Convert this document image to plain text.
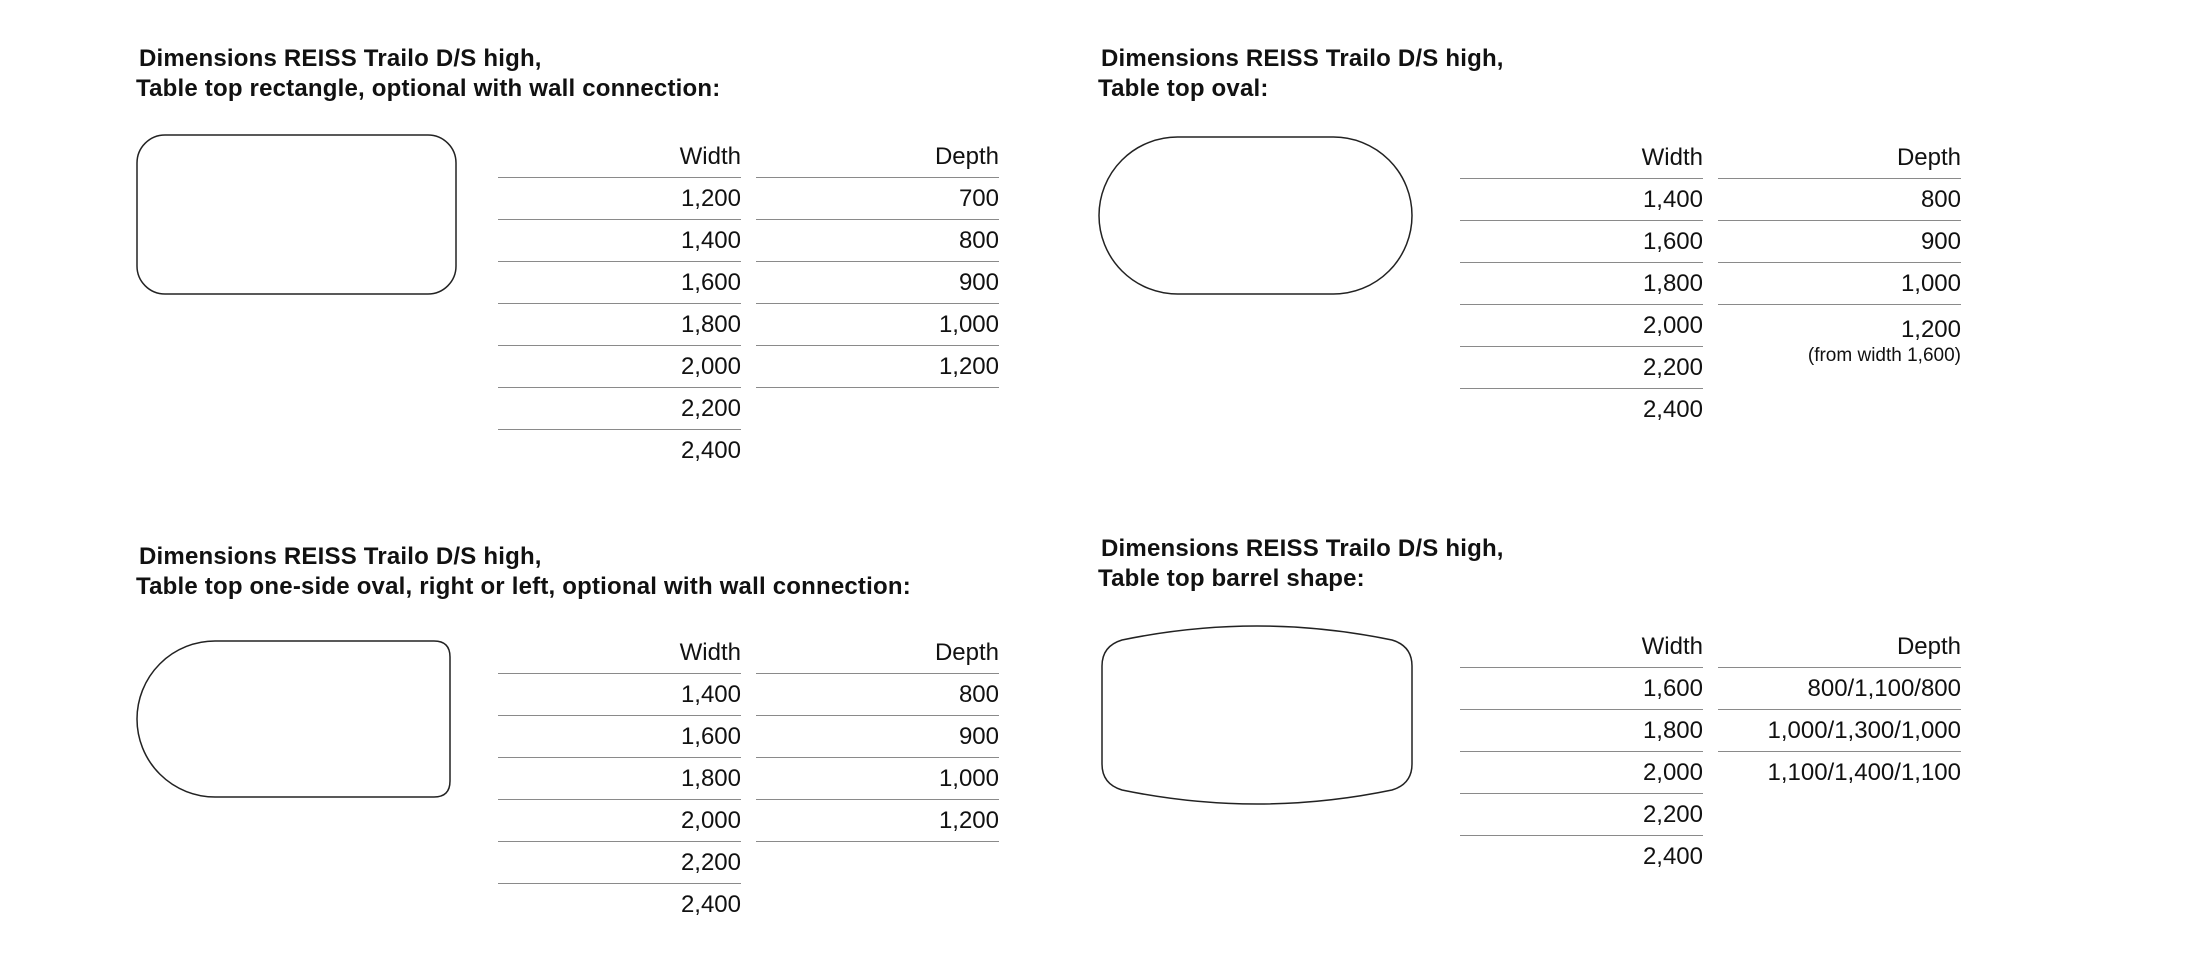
Dimensions REISS Trailo D/S high,
Table top rectangle, optional with wall connection:
Width
1,200
1,400
1,600
1,800
2,000
2,200
2,400
Depth
700
800
900
1,000
1,200
Dimensions REISS Trailo D/S high,
Table top oval:
Width
1,400
1,600
1,800
2,000
2,200
2,400
Depth
800
900
1,000
1,200
(from width 1,600)
Dimensions REISS Trailo D/S high,
Table top one-side oval, right or left, optional with wall connection:
Width
1,400
1,600
1,800
2,000
2,200
2,400
Depth
800
900
1,000
1,200
Dimensions REISS Trailo D/S high,
Table top barrel shape:
Width
1,600
1,800
2,000
2,200
2,400
Depth
800/1,100/800
1,000/1,300/1,000
1,100/1,400/1,100
